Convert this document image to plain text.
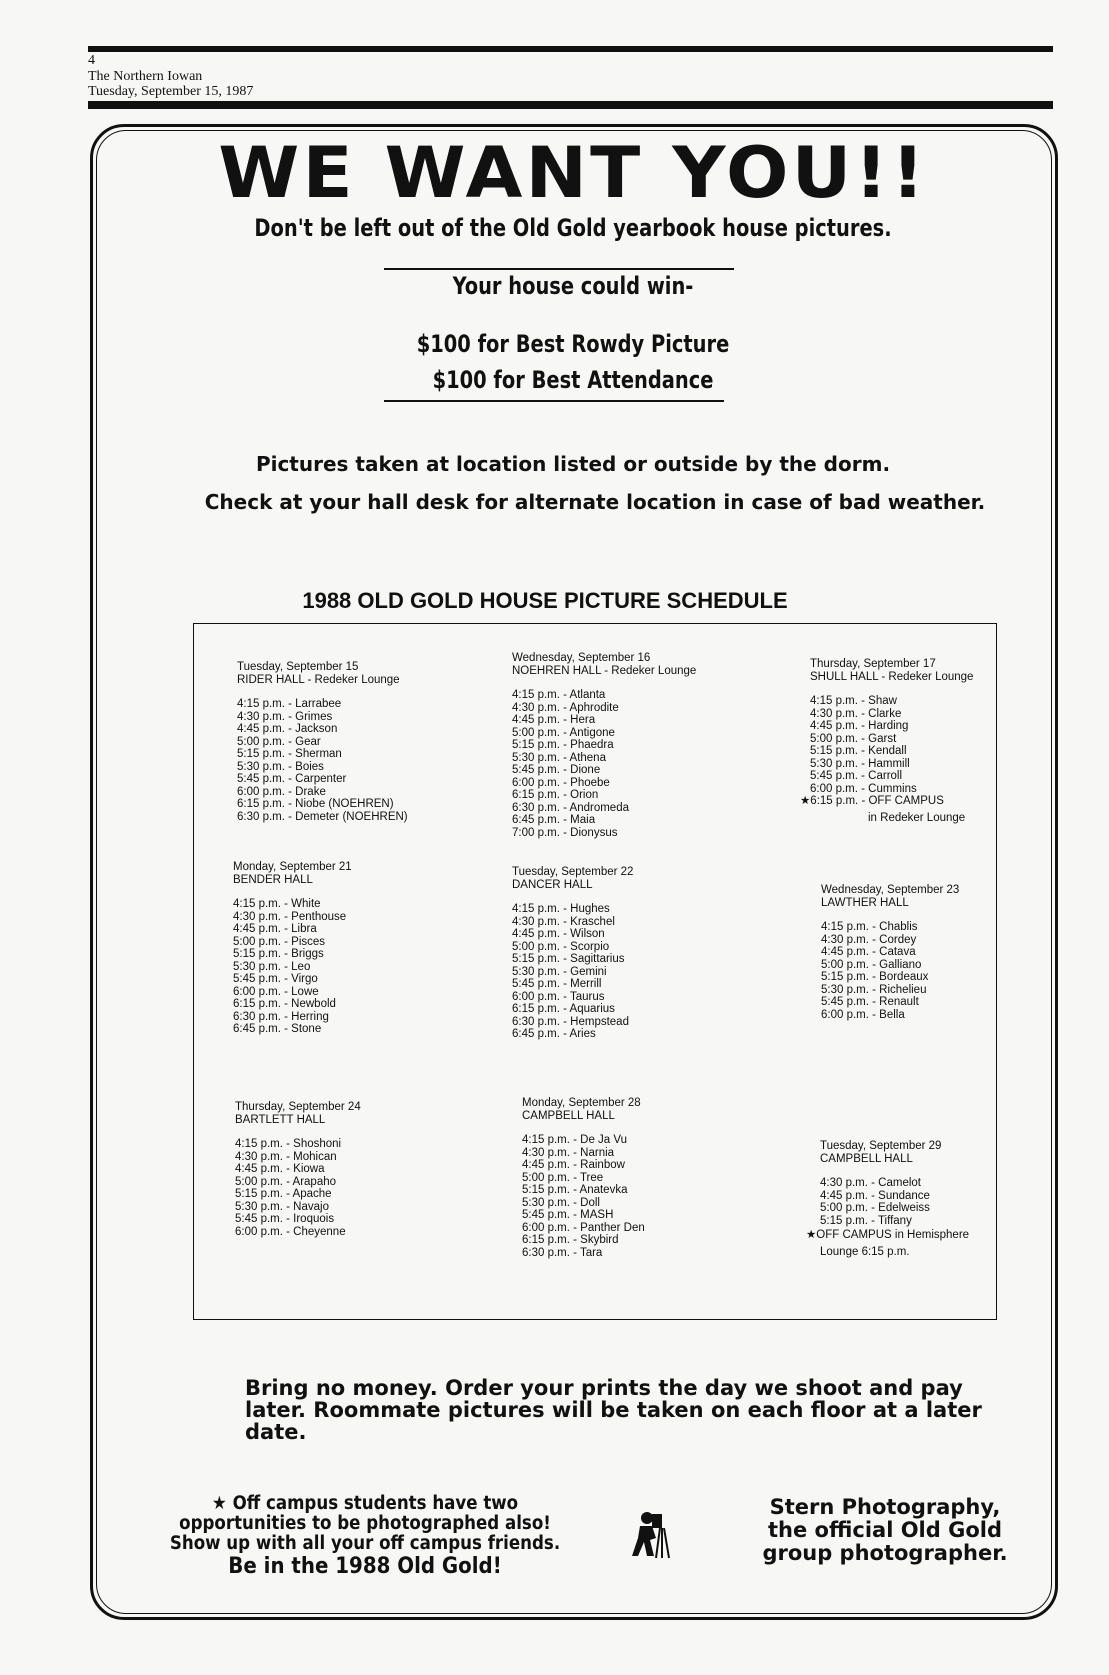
4
The Northern Iowan
Tuesday, September 15, 1987
WE WANT YOU!!
Don't be left out of the Old Gold yearbook house pictures.
Your house could win-
$100 for Best Rowdy Picture
$100 for Best Attendance
Pictures taken at location listed or outside by the dorm.
Check at your hall desk for alternate location in case of bad weather.
1988 OLD GOLD HOUSE PICTURE SCHEDULE
Tuesday, September 15
RIDER HALL - Redeker Lounge
4:15 p.m. - Larrabee
4:30 p.m. - Grimes
4:45 p.m. - Jackson
5:00 p.m. - Gear
5:15 p.m. - Sherman
5:30 p.m. - Boies
5:45 p.m. - Carpenter
6:00 p.m. - Drake
6:15 p.m. - Niobe (NOEHREN)
6:30 p.m. - Demeter (NOEHREN)
Wednesday, September 16
NOEHREN HALL - Redeker Lounge
4:15 p.m. - Atlanta
4:30 p.m. - Aphrodite
4:45 p.m. - Hera
5:00 p.m. - Antigone
5:15 p.m. - Phaedra
5:30 p.m. - Athena
5:45 p.m. - Dione
6:00 p.m. - Phoebe
6:15 p.m. - Orion
6:30 p.m. - Andromeda
6:45 p.m. - Maia
7:00 p.m. - Dionysus
Thursday, September 17
SHULL HALL - Redeker Lounge
4:15 p.m. - Shaw
4:30 p.m. - Clarke
4:45 p.m. - Harding
5:00 p.m. - Garst
5:15 p.m. - Kendall
5:30 p.m. - Hammill
5:45 p.m. - Carroll
6:00 p.m. - Cummins
★6:15 p.m. - OFF CAMPUS
in Redeker Lounge
Monday, September 21
BENDER HALL
4:15 p.m. - White
4:30 p.m. - Penthouse
4:45 p.m. - Libra
5:00 p.m. - Pisces
5:15 p.m. - Briggs
5:30 p.m. - Leo
5:45 p.m. - Virgo
6:00 p.m. - Lowe
6:15 p.m. - Newbold
6:30 p.m. - Herring
6:45 p.m. - Stone
Tuesday, September 22
DANCER HALL
4:15 p.m. - Hughes
4:30 p.m. - Kraschel
4:45 p.m. - Wilson
5:00 p.m. - Scorpio
5:15 p.m. - Sagittarius
5:30 p.m. - Gemini
5:45 p.m. - Merrill
6:00 p.m. - Taurus
6:15 p.m. - Aquarius
6:30 p.m. - Hempstead
6:45 p.m. - Aries
Wednesday, September 23
LAWTHER HALL
4:15 p.m. - Chablis
4:30 p.m. - Cordey
4:45 p.m. - Catava
5:00 p.m. - Galliano
5:15 p.m. - Bordeaux
5:30 p.m. - Richelieu
5:45 p.m. - Renault
6:00 p.m. - Bella
Thursday, September 24
BARTLETT HALL
4:15 p.m. - Shoshoni
4:30 p.m. - Mohican
4:45 p.m. - Kiowa
5:00 p.m. - Arapaho
5:15 p.m. - Apache
5:30 p.m. - Navajo
5:45 p.m. - Iroquois
6:00 p.m. - Cheyenne
Monday, September 28
CAMPBELL HALL
4:15 p.m. - De Ja Vu
4:30 p.m. - Narnia
4:45 p.m. - Rainbow
5:00 p.m. - Tree
5:15 p.m. - Anatevka
5:30 p.m. - Doll
5:45 p.m. - MASH
6:00 p.m. - Panther Den
6:15 p.m. - Skybird
6:30 p.m. - Tara
Tuesday, September 29
CAMPBELL HALL
4:30 p.m. - Camelot
4:45 p.m. - Sundance
5:00 p.m. - Edelweiss
5:15 p.m. - Tiffany
★OFF CAMPUS in Hemisphere
Lounge 6:15 p.m.
Bring no money. Order your prints the day we shoot and pay later. Roommate pictures will be taken on each floor at a later date.
★ Off campus students have two
opportunities to be photographed also!
Show up with all your off campus friends.
Be in the 1988 Old Gold!
Stern Photography,
the official Old Gold
group photographer.
